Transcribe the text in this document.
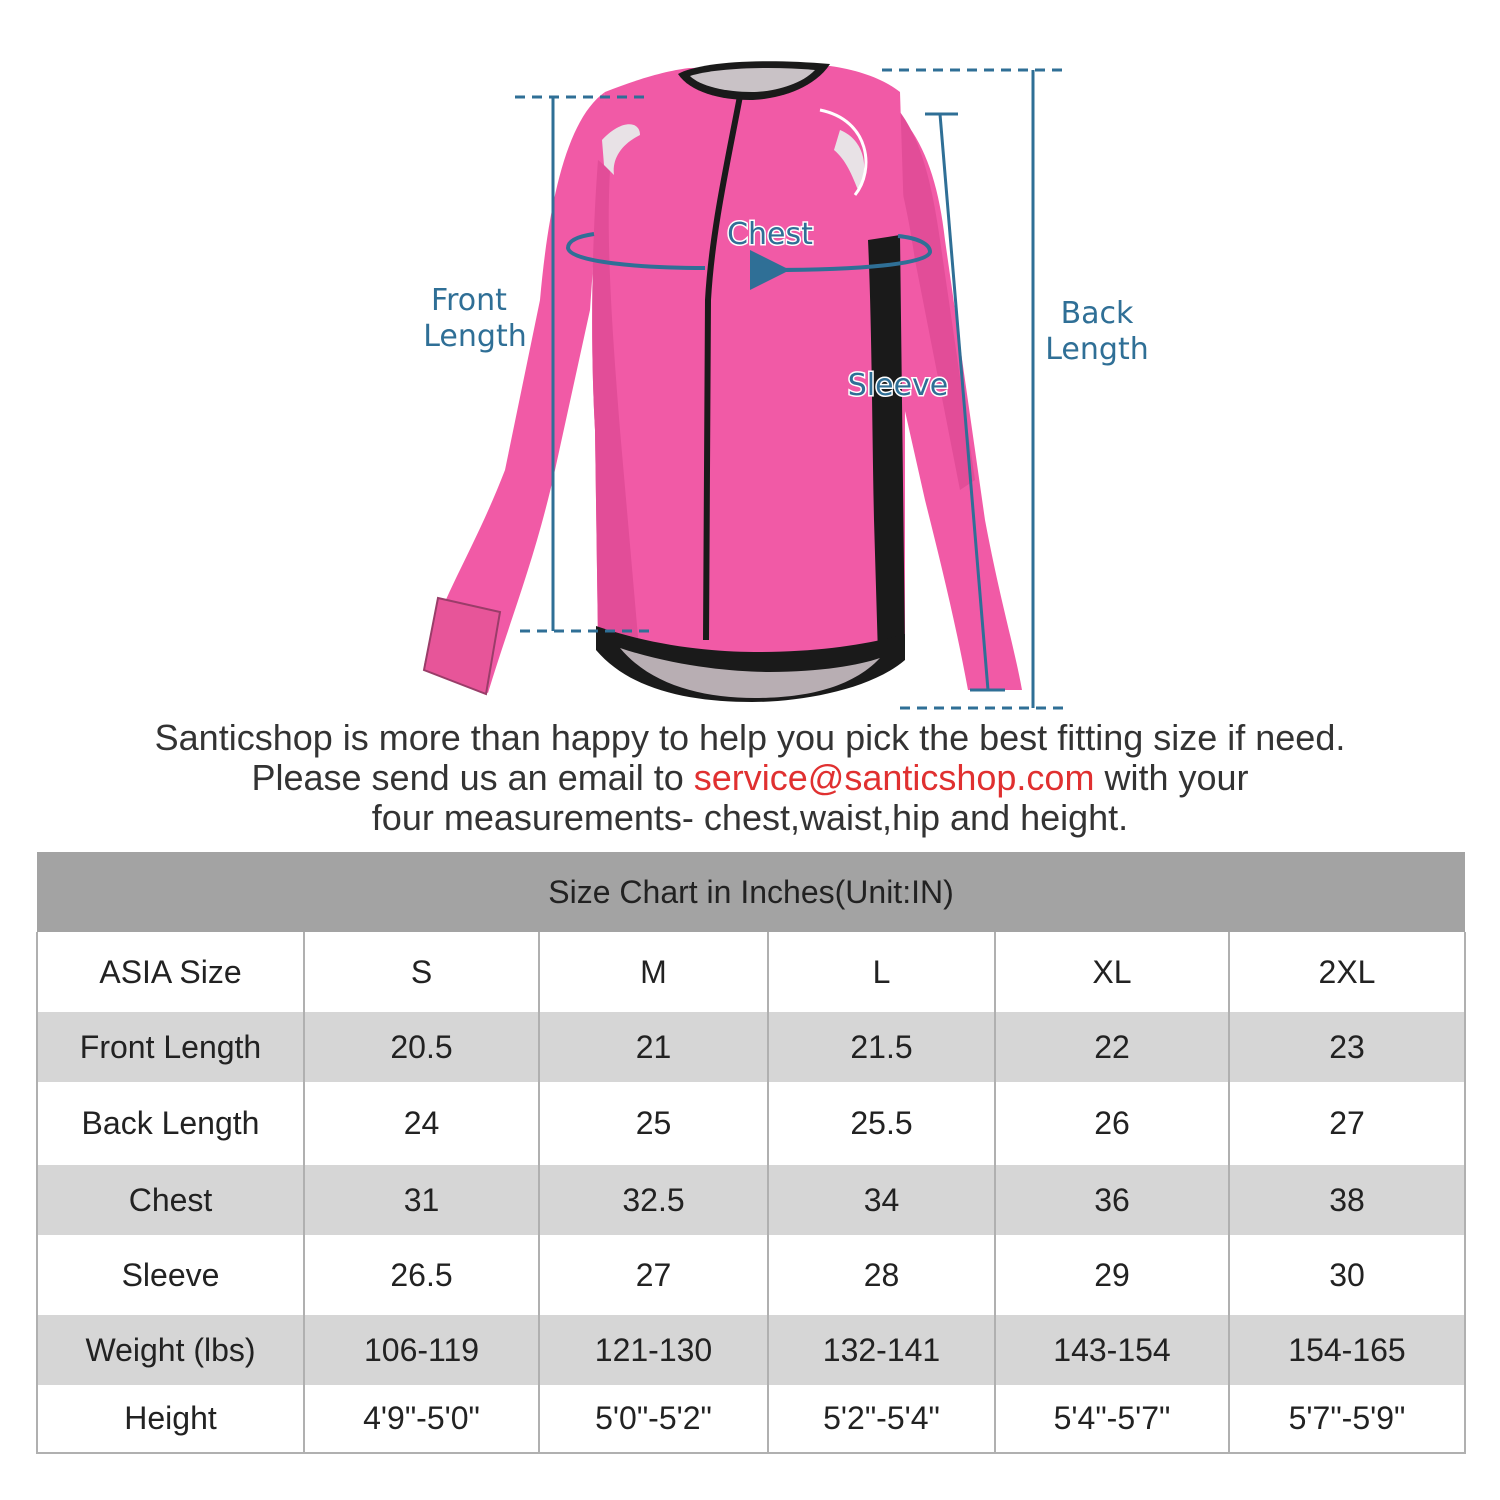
Chest
Front
Length
Back
Length
Sleeve
Santicshop is more than happy to help you pick the best fitting size if need.
Please send us an email to service@santicshop.com with your
four measurements- chest,waist,hip and height.
Size Chart in Inches(Unit:IN)					
ASIA Size	S	M	L	XL	2XL
Front Length	20.5	21	21.5	22	23
Back Length	24	25	25.5	26	27
Chest	31	32.5	34	36	38
Sleeve	26.5	27	28	29	30
Weight (lbs)	106-119	121-130	132-141	143-154	154-165
Height	4'9"-5'0"	5'0"-5'2"	5'2"-5'4"	5'4"-5'7"	5'7"-5'9"
